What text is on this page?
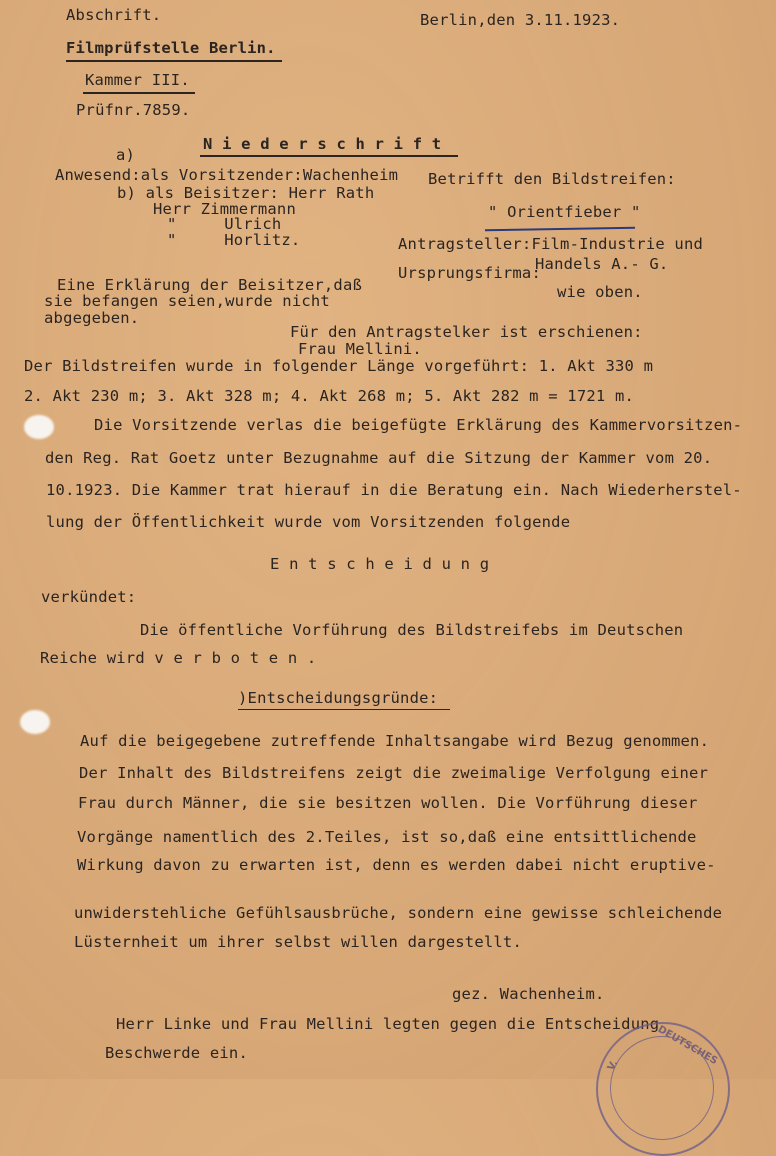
Abschrift.	Berlin,den 3.11.1923.
Filmprüfstelle Berlin.
Kammer III.
Prüfnr.7859.
N i e d e r s c h r i f t
a)
Anwesend:als Vorsitzender:Wachenheim
b) als Beisitzer: Herr Rath
Herr Zimmermann
"     Ulrich
"     Horlitz.
Betrifft den Bildstreifen:
" Orientfieber "
Antragsteller:Film-Industrie und
Handels A.- G.
Ursprungsfirma:
wie oben.
Eine Erklärung der Beisitzer,daß
sie befangen seien,wurde nicht
abgegeben.
Für den Antragstelker ist erschienen:
Frau Mellini.
Der Bildstreifen wurde in folgender Länge vorgeführt: 1. Akt 330 m
2. Akt 230 m; 3. Akt 328 m; 4. Akt 268 m; 5. Akt 282 m = 1721 m.
Die Vorsitzende verlas die beigefügte Erklärung des Kammervorsitzen-
den Reg. Rat Goetz unter Bezugnahme auf die Sitzung der Kammer vom 20.
10.1923. Die Kammer trat hierauf in die Beratung ein. Nach Wiederherstel-
lung der Öffentlichkeit wurde vom Vorsitzenden folgende
E n t s c h e i d u n g
verkündet:
Die öffentliche Vorführung des Bildstreifebs im Deutschen
Reiche wird v e r b o t e n .
)Entscheidungsgründe:
Auf die beigegebene zutreffende Inhaltsangabe wird Bezug genommen.
Der Inhalt des Bildstreifens zeigt die zweimalige Verfolgung einer
Frau durch Männer, die sie besitzen wollen. Die Vorführung dieser
Vorgänge namentlich des 2.Teiles, ist so,daß eine entsittlichende
Wirkung davon zu erwarten ist, denn es werden dabei nicht eruptive-
unwiderstehliche Gefühlsausbrüche, sondern eine gewisse schleichende
Lüsternheit um ihrer selbst willen dargestellt.
gez. Wachenheim.
Herr Linke und Frau Mellini legten gegen die Entscheidung
Beschwerde ein.	DEUTSCHES
V.
